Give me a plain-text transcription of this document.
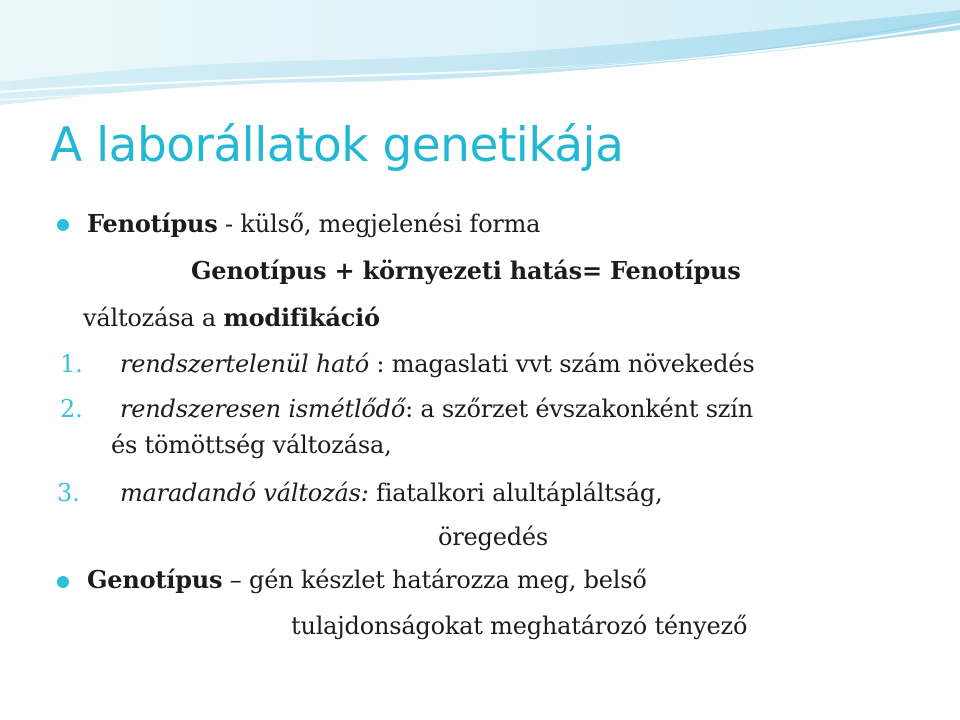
A laborállatok genetikája
Fenotípus - külső, megjelenési forma
Genotípus + környezeti hatás= Fenotípus
változása a modifikáció
1. rendszertelenül ható : magaslati vvt szám növekedés
2. rendszeresen ismétlődő: a szőrzet évszakonként szín
és tömöttség változása,
3. maradandó változás: fiatalkori alultápláltság,
öregedés
Genotípus – gén készlet határozza meg, belső
tulajdonságokat meghatározó tényező
